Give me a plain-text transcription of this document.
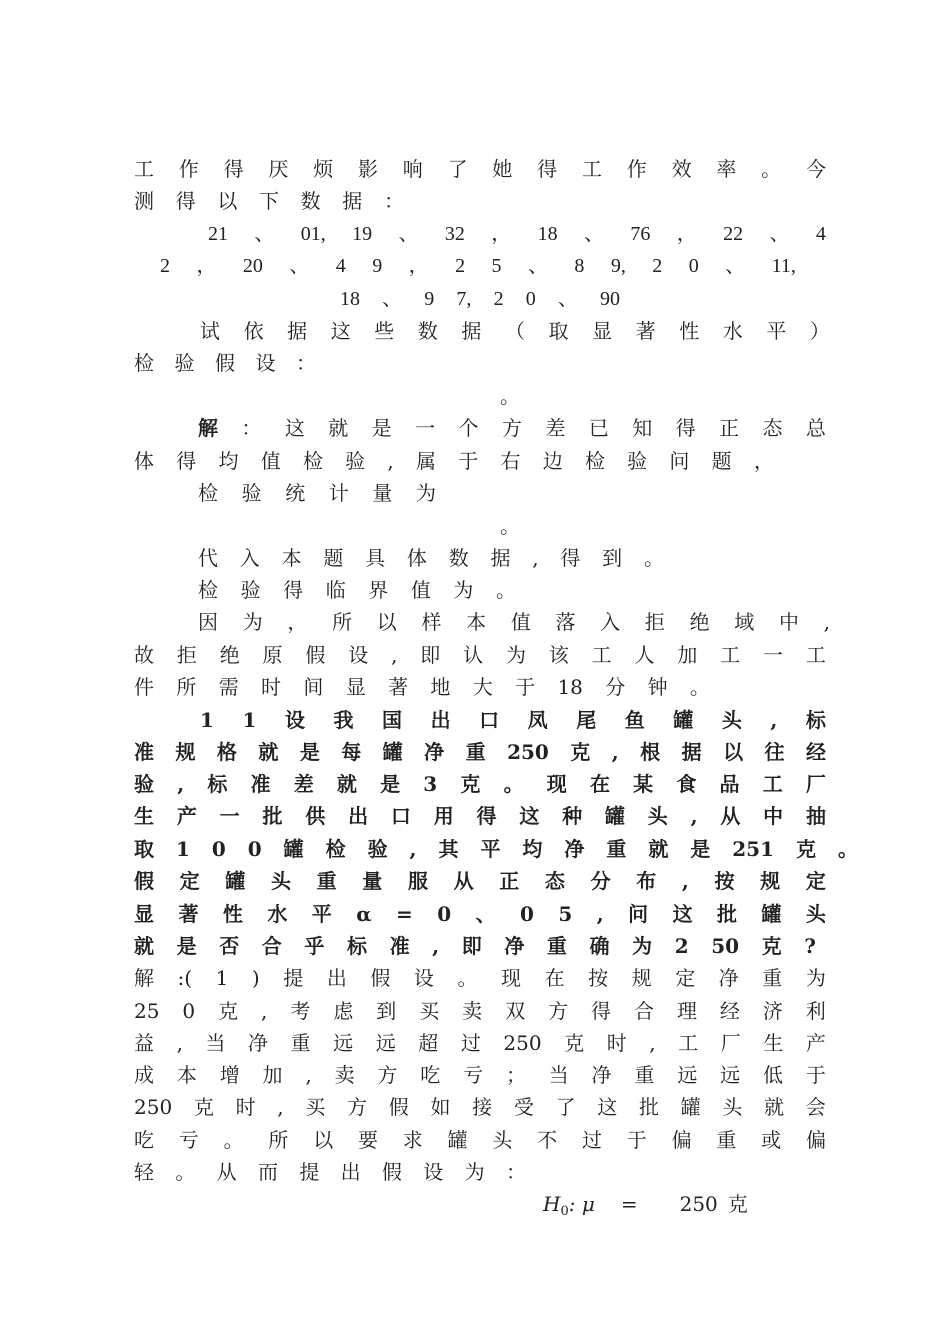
工 作 得 厌 烦 影 响 了 她 得 工 作 效 率 。 今
测 得 以 下 数 据 ：
21 、 01, 19 、 32 ， 18 、 76 ， 22 、 4
2 ， 20 、 4 9 ， 2 5 、 8 9, 2 0 、 11,
18 、 9 7, 2 0 、 90
试 依 据 这 些 数 据 （ 取 显 著 性 水 平 ）
检 验 假 设 ：
。
解 ： 这 就 是 一 个 方 差 已 知 得 正 态 总
体 得 均 值 检 验 , 属 于 右 边 检 验 问 题 ，
检 验 统 计 量 为
。
代 入 本 题 具 体 数 据 , 得 到 。
检 验 得 临 界 值 为 。
因 为 ， 所 以 样 本 值 落 入 拒 绝 域 中 ,
故 拒 绝 原 假 设 , 即 认 为 该 工 人 加 工 一 工
件 所 需 时 间 显 著 地 大 于 18 分 钟 。
1 1 设 我 国 出 口 凤 尾 鱼 罐 头 , 标
准 规 格 就 是 每 罐 净 重 250 克 , 根 据 以 往 经
验 , 标 准 差 就 是 3 克 。 现 在 某 食 品 工 厂
生 产 一 批 供 出 口 用 得 这 种 罐 头 , 从 中 抽
取 1 0 0 罐 检 验 , 其 平 均 净 重 就 是 251 克 。
假 定 罐 头 重 量 服 从 正 态 分 布 , 按 规 定
显 著 性 水 平 α = 0 、 0 5 , 问 这 批 罐 头
就 是 否 合 乎 标 准 , 即 净 重 确 为 2 50 克 ?
解 :( 1 ) 提 出 假 设 。 现 在 按 规 定 净 重 为
25 0 克 , 考 虑 到 买 卖 双 方 得 合 理 经 济 利
益 , 当 净 重 远 远 超 过 250 克 时 , 工 厂 生 产
成 本 增 加 , 卖 方 吃 亏 ； 当 净 重 远 远 低 于
250 克 时 , 买 方 假 如 接 受 了 这 批 罐 头 就 会
吃 亏 。 所 以 要 求 罐 头 不 过 于 偏 重 或 偏
轻 。 从 而 提 出 假 设 为 ：
$H_0$: μ = 250 克
